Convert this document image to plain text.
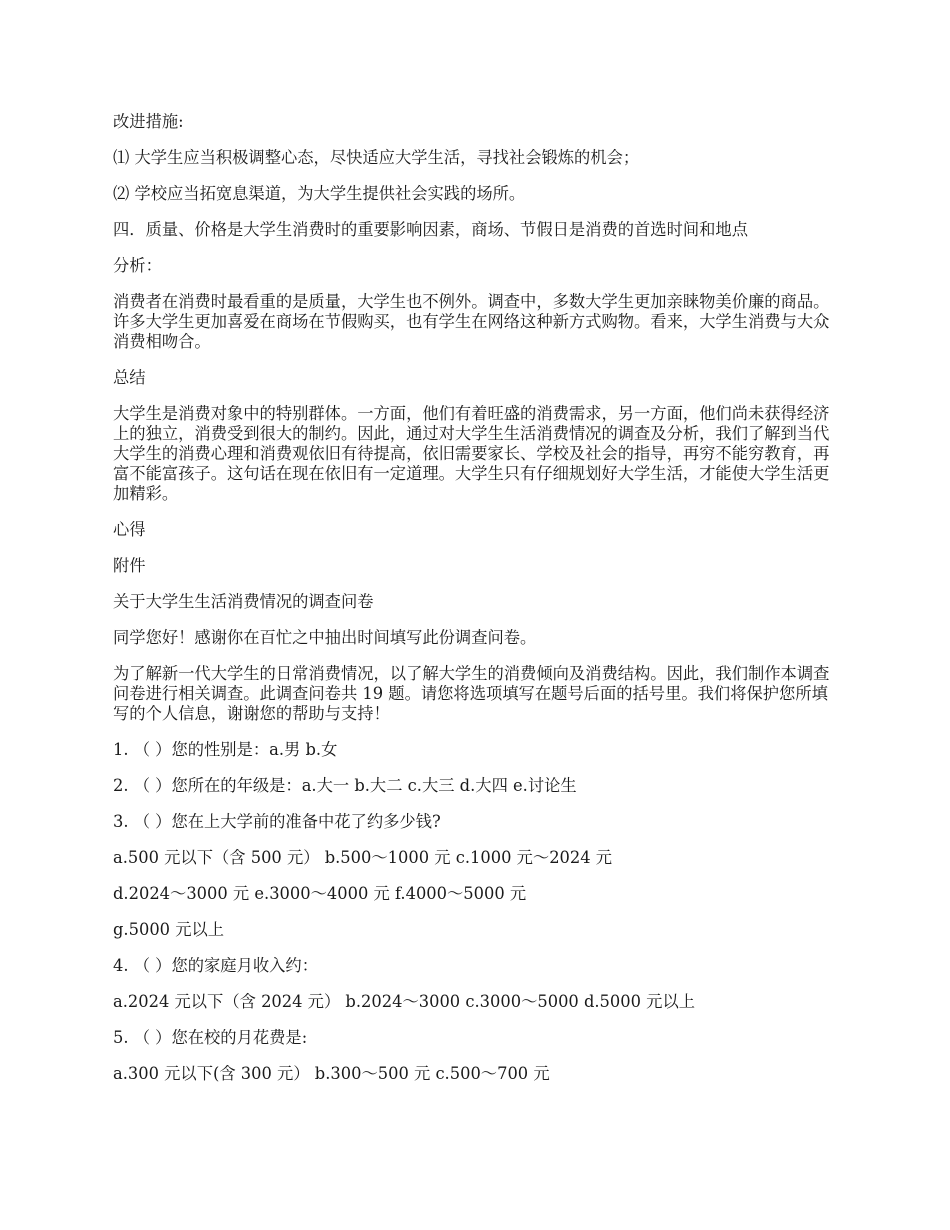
改进措施:

⑴ 大学生应当积极调整心态，尽快适应大学生活，寻找社会锻炼的机会；

⑵ 学校应当拓宽息渠道，为大学生提供社会实践的场所。

四．质量、价格是大学生消费时的重要影响因素，商场、节假日是消费的首选时间和地点

分析：

消费者在消费时最看重的是质量，大学生也不例外。调查中，多数大学生更加亲睐物美价廉的商品。许多大学生更加喜爱在商场在节假购买，也有学生在网络这种新方式购物。看来，大学生消费与大众消费相吻合。

总结

大学生是消费对象中的特别群体。一方面，他们有着旺盛的消费需求，另一方面，他们尚未获得经济上的独立，消费受到很大的制约。因此，通过对大学生生活消费情况的调查及分析，我们了解到当代大学生的消费心理和消费观依旧有待提高，依旧需要家长、学校及社会的指导，再穷不能穷教育，再富不能富孩子。这句话在现在依旧有一定道理。大学生只有仔细规划好大学生活，才能使大学生活更加精彩。

心得

附件

关于大学生生活消费情况的调查问卷

同学您好！感谢你在百忙之中抽出时间填写此份调查问卷。

为了解新一代大学生的日常消费情况，以了解大学生的消费倾向及消费结构。因此，我们制作本调查问卷进行相关调查。此调查问卷共 19 题。请您将选项填写在题号后面的括号里。我们将保护您所填写的个人信息，谢谢您的帮助与支持！

1. （ ）您的性别是：a.男 b.女

2. （ ）您所在的年级是：a.大一 b.大二 c.大三 d.大四 e.讨论生

3. （ ）您在上大学前的准备中花了约多少钱?

a.500 元以下（含 500 元） b.500～1000 元 c.1000 元～2024 元

d.2024～3000 元 e.3000～4000 元 f.4000～5000 元

g.5000 元以上

4. （ ）您的家庭月收入约：

a.2024 元以下（含 2024 元） b.2024～3000 c.3000～5000 d.5000 元以上

5. （ ）您在校的月花费是:

a.300 元以下(含 300 元） b.300～500 元 c.500～700 元
